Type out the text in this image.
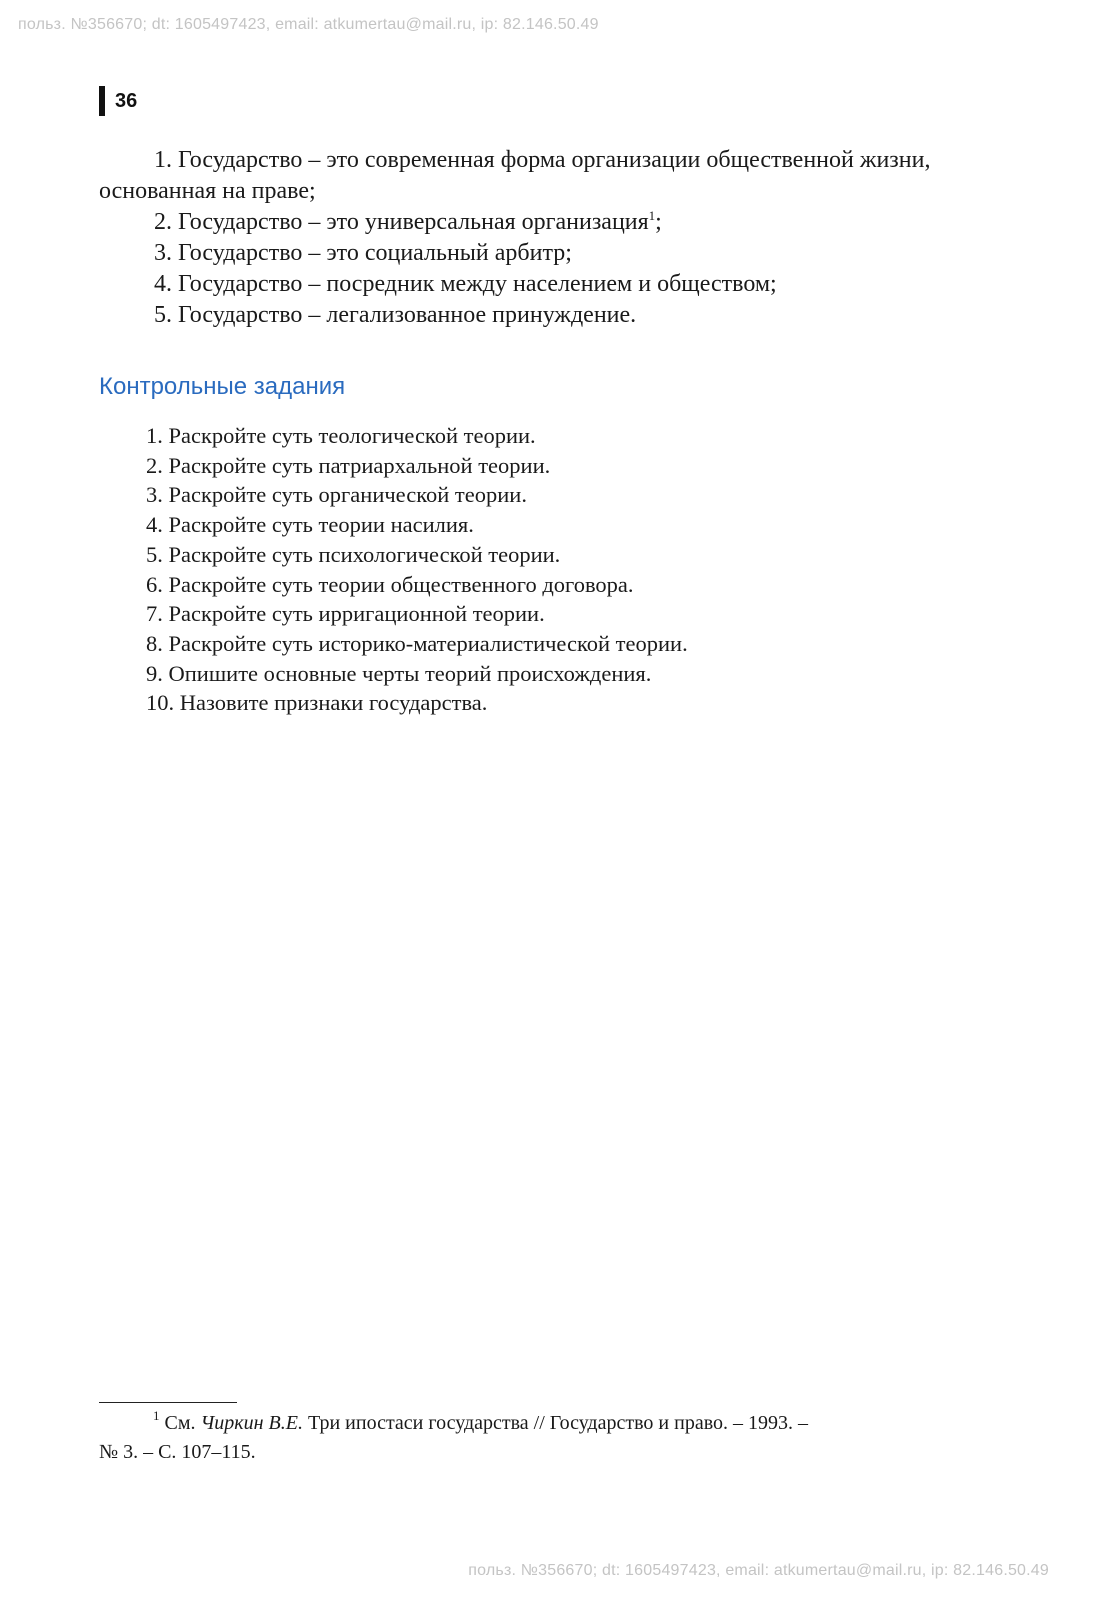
польз. №356670; dt: 1605497423, email: atkumertau@mail.ru, ip: 82.146.50.49
36

1. Государство – это современная форма организации общественной жизни, основанная на праве;

2. Государство – это универсальная организация$^1$;

3. Государство – это социальный арбитр;

4. Государство – посредник между населением и обществом;

5. Государство – легализованное принуждение.

Контрольные задания

1. Раскройте суть теологической теории.

2. Раскройте суть патриархальной теории.

3. Раскройте суть органической теории.

4. Раскройте суть теории насилия.

5. Раскройте суть психологической теории.

6. Раскройте суть теории общественного договора.

7. Раскройте суть ирригационной теории.

8. Раскройте суть историко-материалистической теории.

9. Опишите основные черты теорий происхождения.

10. Назовите признаки государства.

$^1$ См. Чиркин В.Е. Три ипостаси государства // Государство и право. – 1993. –

№ 3. – С. 107–115.

польз. №356670; dt: 1605497423, email: atkumertau@mail.ru, ip: 82.146.50.49
